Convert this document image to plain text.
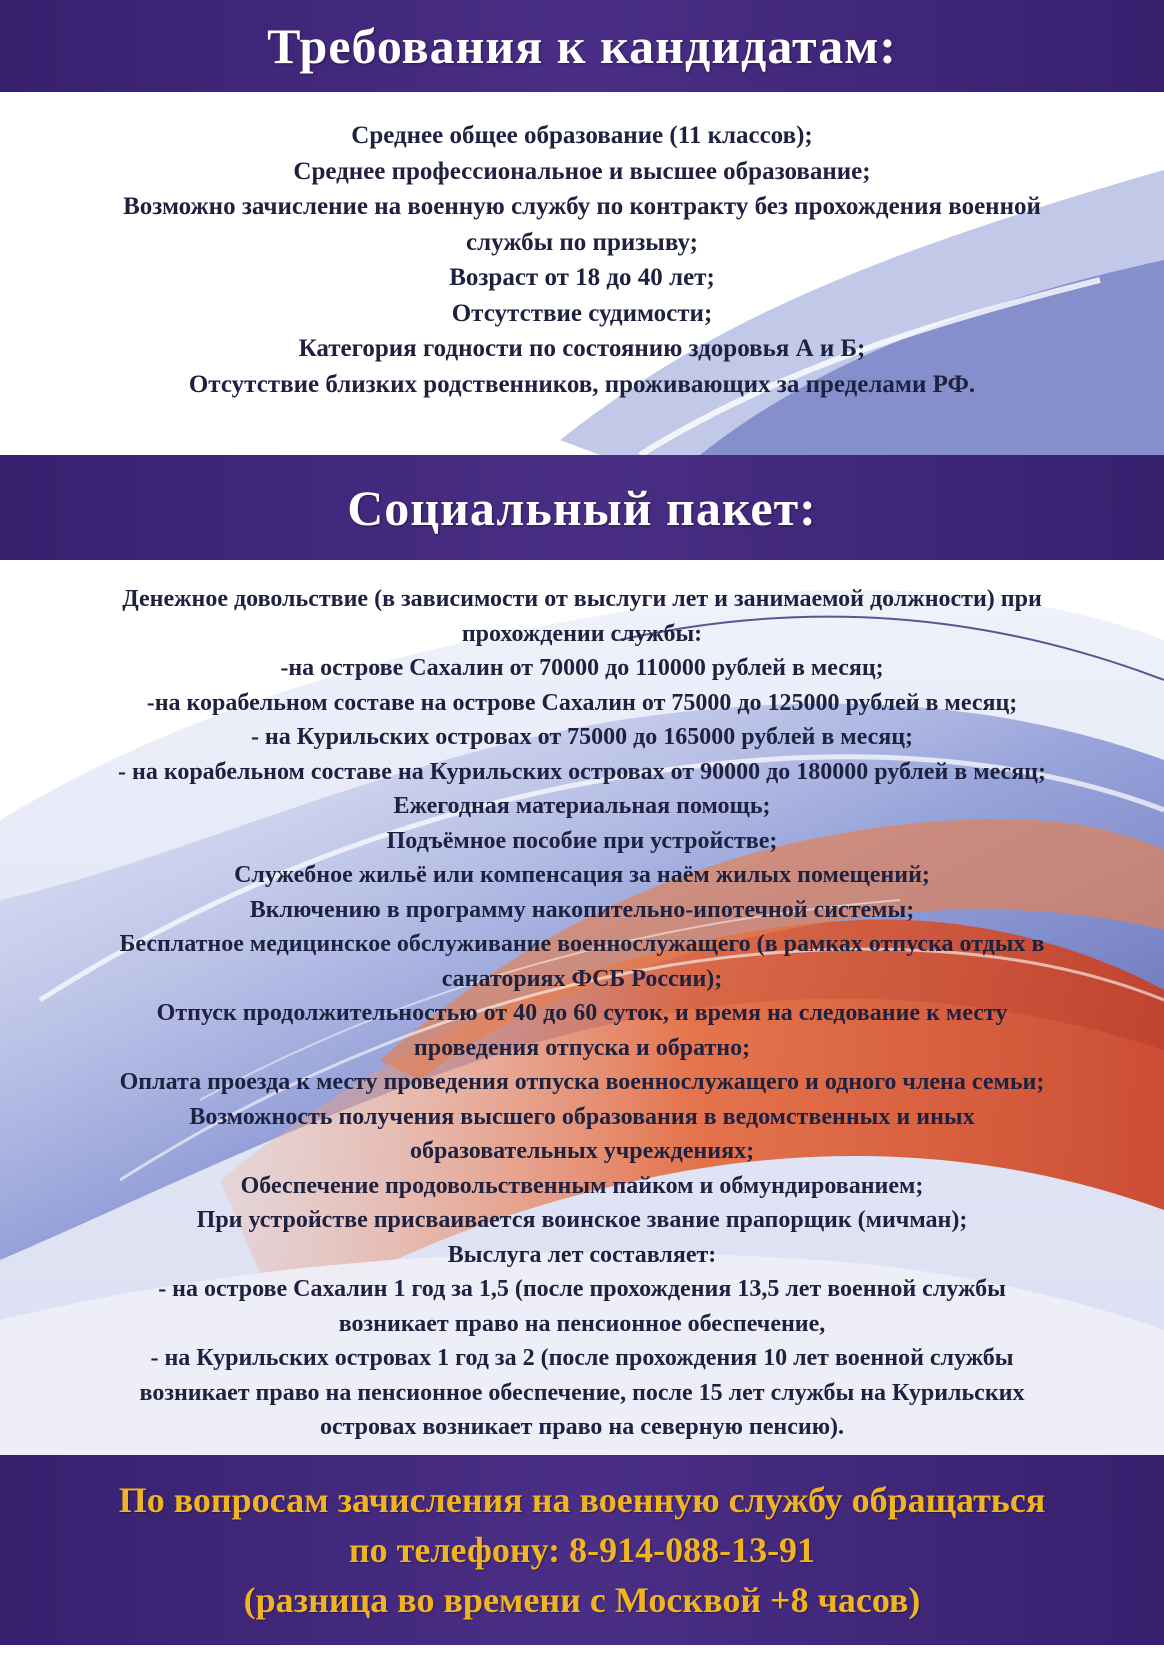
Требования к кандидатам:
Среднее общее образование (11 классов);
Среднее профессиональное и высшее образование;
Возможно зачисление на военную службу по контракту без прохождения военной
службы по призыву;
Возраст от 18 до 40 лет;
Отсутствие судимости;
Категория годности по состоянию здоровья А и Б;
Отсутствие близких родственников, проживающих за пределами РФ.
Социальный пакет:
Денежное довольствие (в зависимости от выслуги лет и занимаемой должности) при
прохождении службы:
-на острове Сахалин от 70000 до 110000 рублей в месяц;
-на корабельном составе на острове Сахалин от 75000 до 125000 рублей в месяц;
- на Курильских островах от 75000 до 165000 рублей в месяц;
- на корабельном составе на Курильских островах от 90000 до 180000 рублей в месяц;
Ежегодная материальная помощь;
Подъёмное пособие при устройстве;
Служебное жильё или компенсация за наём жилых помещений;
Включению в программу накопительно-ипотечной системы;
Бесплатное медицинское обслуживание военнослужащего (в рамках отпуска отдых в
санаториях ФСБ России);
Отпуск продолжительностью от 40 до 60 суток, и время на следование к месту
проведения отпуска и обратно;
Оплата проезда к месту проведения отпуска военнослужащего и одного члена семьи;
Возможность получения высшего образования в ведомственных и иных
образовательных учреждениях;
Обеспечение продовольственным пайком и обмундированием;
При устройстве присваивается воинское звание прапорщик (мичман);
Выслуга лет составляет:
- на острове Сахалин 1 год за 1,5 (после прохождения 13,5 лет военной службы
возникает право на пенсионное обеспечение,
- на Курильских островах 1 год за 2 (после прохождения 10 лет военной службы
возникает право на пенсионное обеспечение, после 15 лет службы на Курильских
островах возникает право на северную пенсию).
По вопросам зачисления на военную службу обращаться
по телефону: 8-914-088-13-91
(разница во времени с Москвой +8 часов)
